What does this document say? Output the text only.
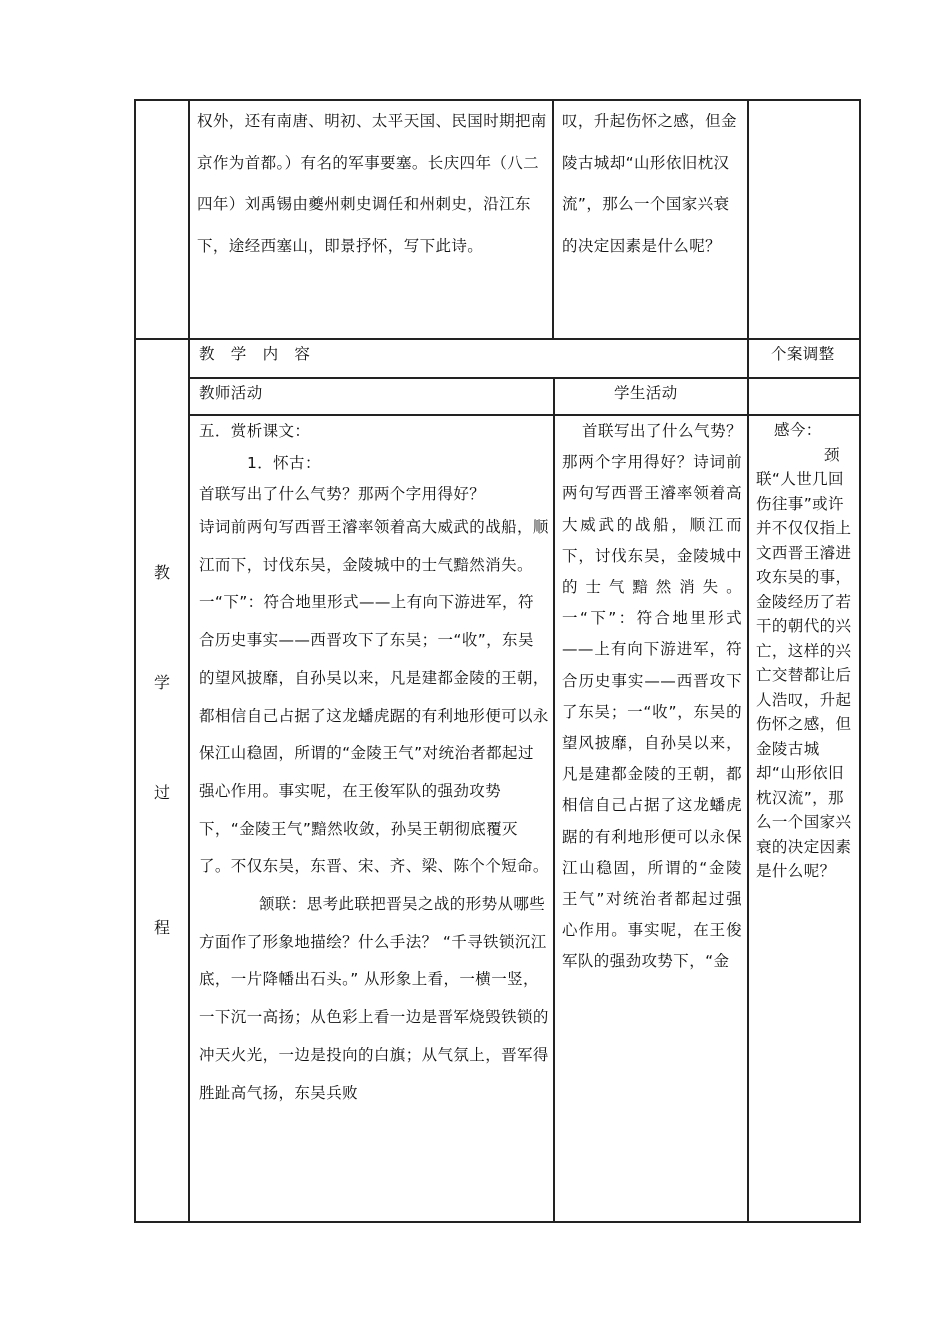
权外，还有南唐、明初、太平天国、民国时期把南京作为首都。）有名的军事要塞。长庆四年（八二四年）刘禹锡由夔州刺史调任和州刺史，沿江东下，途经西塞山，即景抒怀，写下此诗。

叹，升起伤怀之感，但金陵古城却“山形依旧枕汉流”，那么一个国家兴衰的决定因素是什么呢？

教
学
过
程
教　学　内　容	个案调整
教师活动	学生活动

五．赏析课文：

1．怀古：

首联写出了什么气势？那两个字用得好？

诗词前两句写西晋王濬率领着高大威武的战船，顺江而下，讨伐东吴，金陵城中的士气黯然消失。一“下”：符合地里形式——上有向下游进军，符合历史事实——西晋攻下了东吴；一“收”，东吴的望风披靡，自孙吴以来，凡是建都金陵的王朝，都相信自己占据了这龙蟠虎踞的有利地形便可以永保江山稳固，所谓的“金陵王气”对统治者都起过强心作用。事实呢，在王俊军队的强劲攻势下，“金陵王气”黯然收敛，孙吴王朝彻底覆灭了。不仅东吴，东晋、宋、齐、梁、陈个个短命。

颔联：思考此联把晋吴之战的形势从哪些方面作了形象地描绘？什么手法？ “千寻铁锁沉江底，一片降幡出石头。” 从形象上看，一横一竖，一下沉一高扬；从色彩上看一边是晋军烧毁铁锁的冲天火光，一边是投向的白旗；从气氛上，晋军得胜趾高气扬，东吴兵败

首联写出了什么气势？那两个字用得好？诗词前两句写西晋王濬率领着高大威武的战船，顺江而下，讨伐东吴，金陵城中的士气黯然消失。一“下”：符合地里形式——上有向下游进军，符合历史事实——西晋攻下了东吴；一“收”，东吴的望风披靡，自孙吴以来，凡是建都金陵的王朝，都相信自己占据了这龙蟠虎踞的有利地形便可以永保江山稳固，所谓的“金陵王气”对统治者都起过强心作用。事实呢，在王俊军队的强劲攻势下，“金

感今：

颈联“人世几回伤往事”或许并不仅仅指上文西晋王濬进攻东吴的事，金陵经历了若干的朝代的兴亡，这样的兴亡交替都让后人浩叹，升起伤怀之感，但金陵古城却“山形依旧枕汉流”，那么一个国家兴衰的决定因素是什么呢？
